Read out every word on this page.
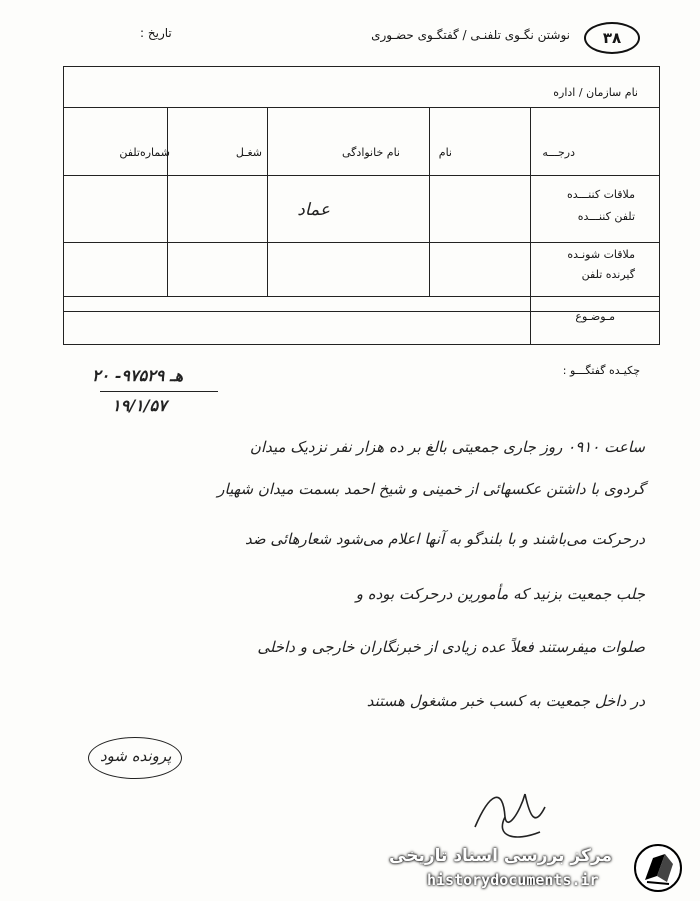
۳۸
نوشتن نگـوی تلفنـی / گفتگـوی حضـوری
تاریخ :
نام سازمان / اداره
درجـــه
نام
نام خانوادگی
شغـل
شماره‌تلفن
ملاقات کننـــده
تلفن کننـــده
عماد
ملاقات شونـده
گیرنده تلفن
مـوضـوع
چکیـده گفتگـــو :
۲۰ -۹۷۵۲۹ هـ
۱۹/۱/۵۷
ساعت ۰۹۱۰ روز جاری جمعیتی بالغ بر ده هزار نفر نزدیک میدان
گردوی با داشتن عکسهائی از خمینی و شیخ احمد بسمت میدان شهیار
درحرکت می‌باشند و با بلندگو به آنها اعلام می‌شود شعارهائی ضد
جلب جمعیت بزنید که مأمورین درحرکت بوده و
صلوات میفرستند فعلاً عده زیادی از خبرنگاران خارجی و داخلی
در داخل جمعیت به کسب خبر مشغول هستند
پرونده شود
مرکز بررسی اسناد تاریخی
historydocuments.ir
